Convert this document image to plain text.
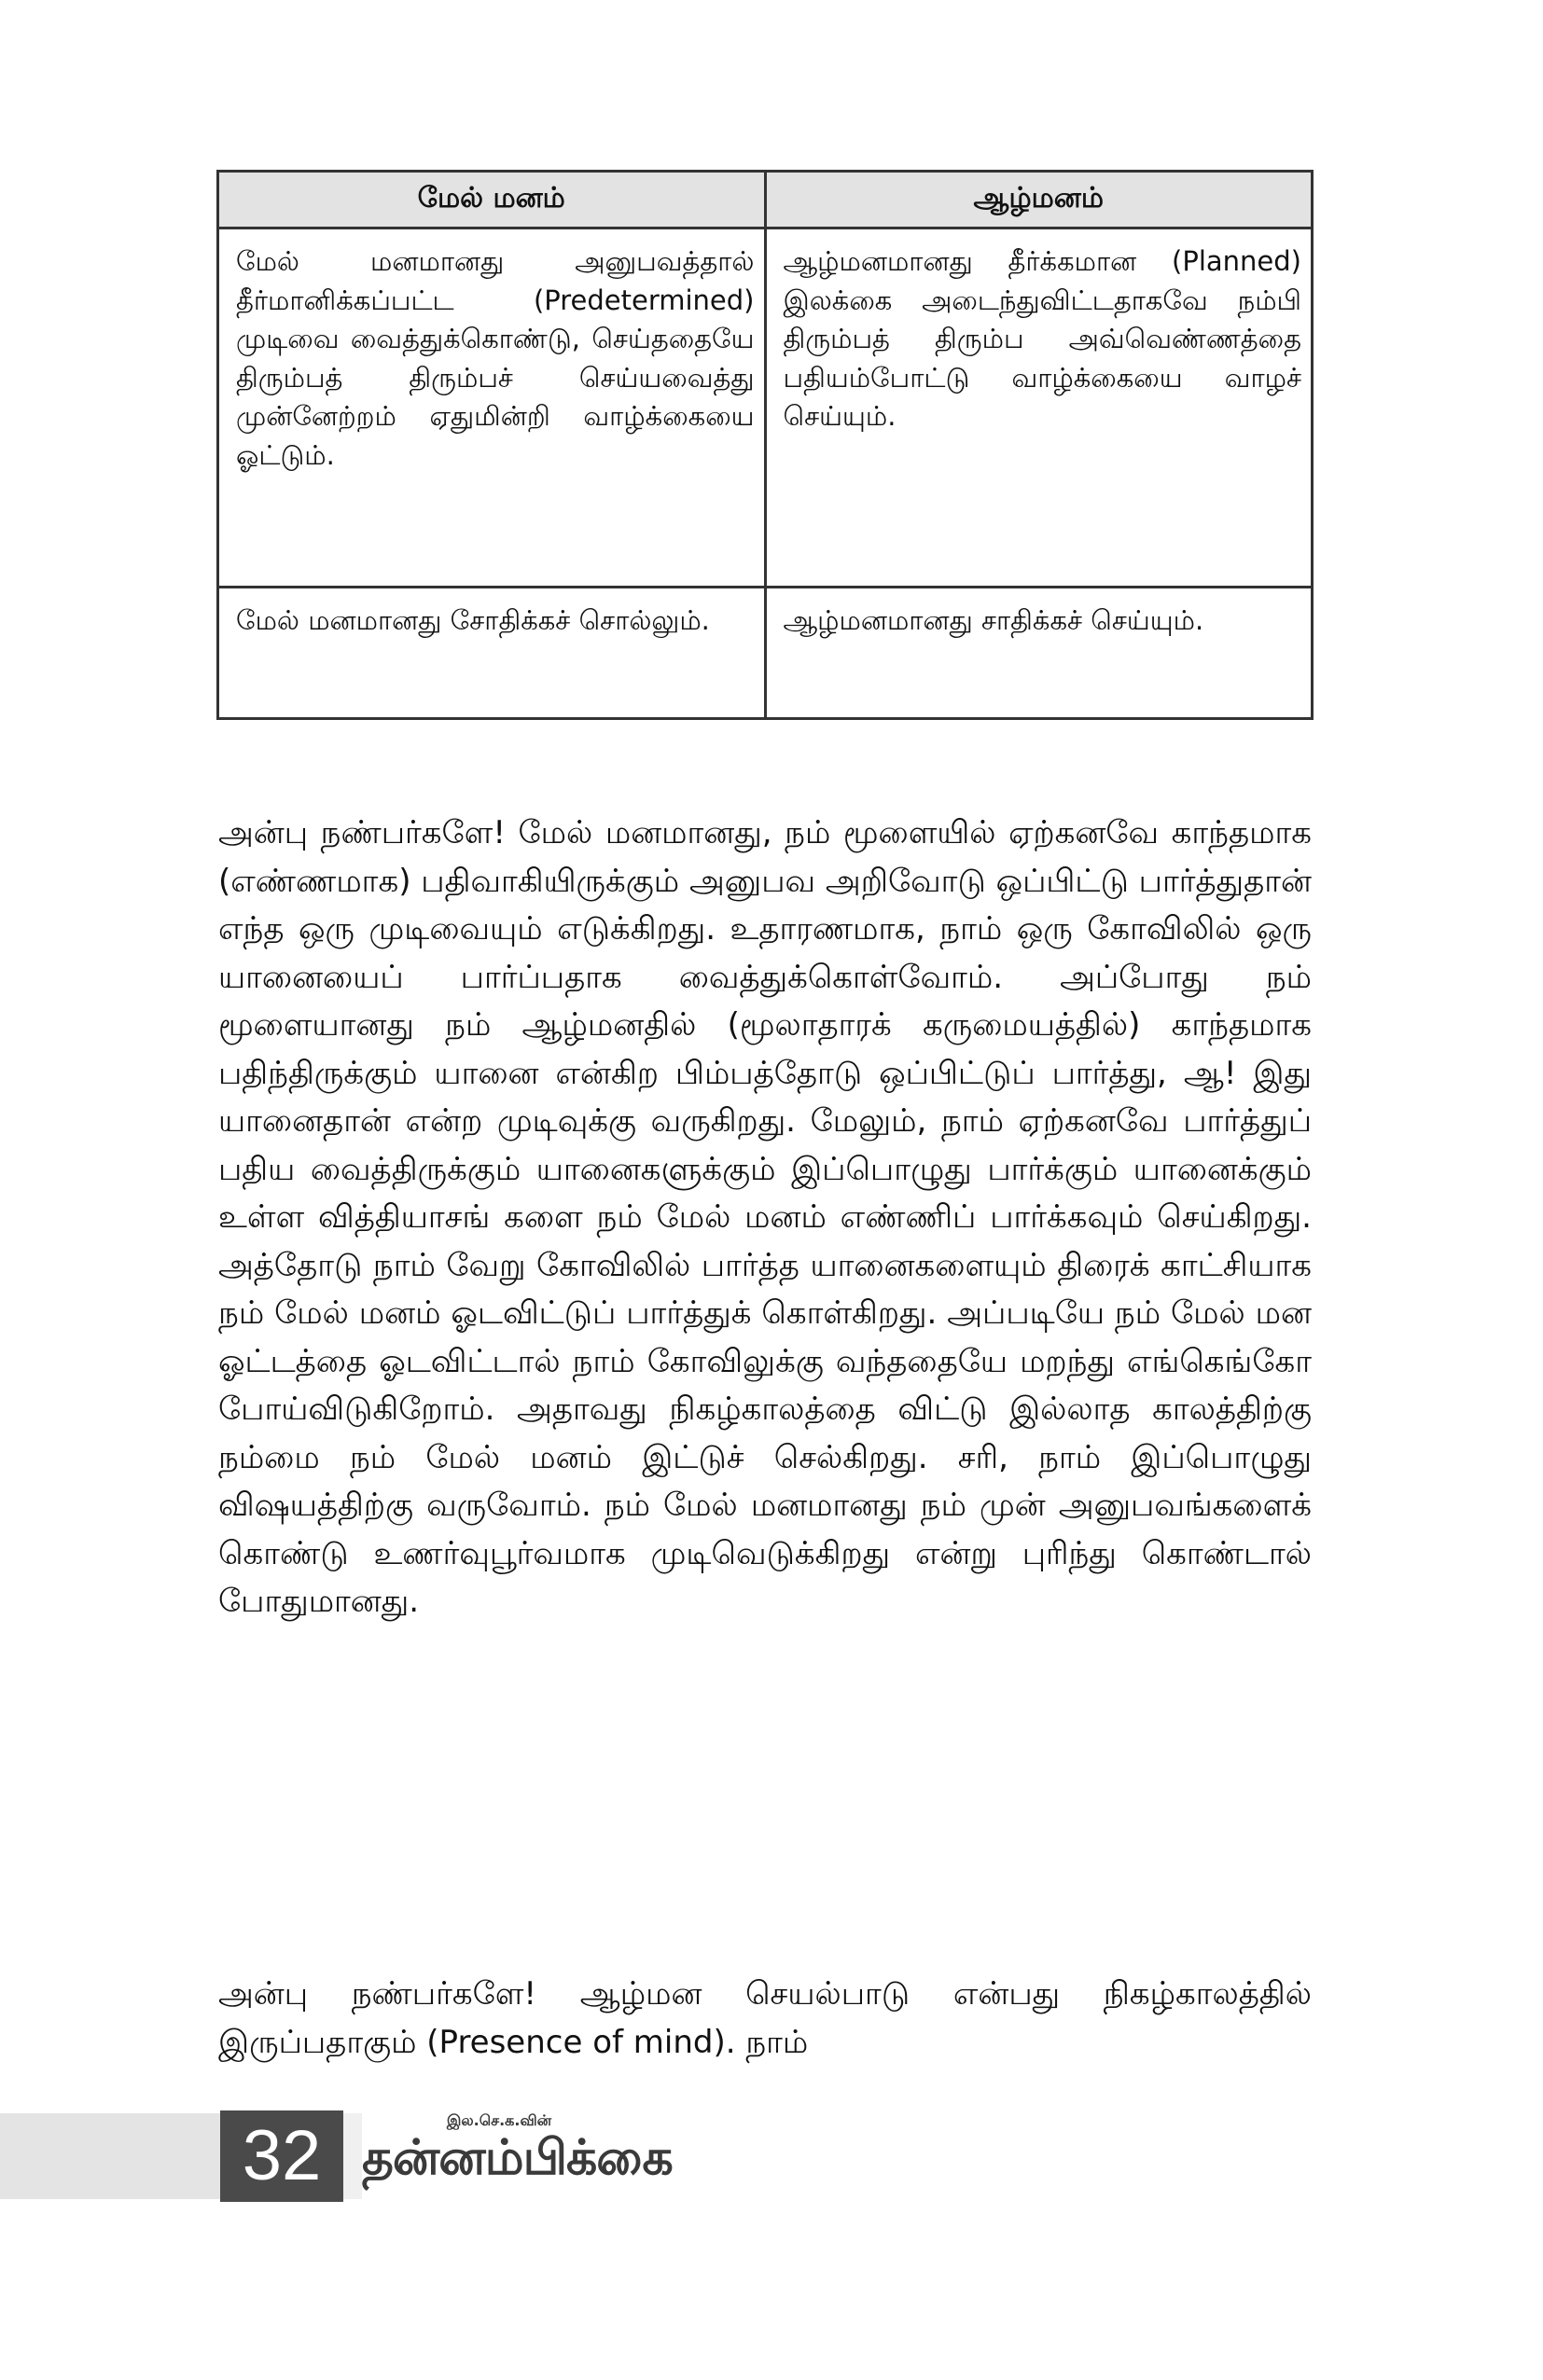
மேல் மனம்	ஆழ்மனம்
மேல் மனமானது அனுபவத்தால் தீர்மானிக்கப்பட்ட (Predetermined) முடிவை வைத்துக்கொண்டு, செய்ததையே திரும்பத் திரும்பச் செய்யவைத்து முன்னேற்றம் ஏதுமின்றி வாழ்க்கையை ஓட்டும்.	ஆழ்மனமானது தீர்க்கமான (Planned) இலக்கை அடைந்துவிட்டதாகவே நம்பி திரும்பத் திரும்ப அவ்வெண்ணத்தை பதியம்போட்டு வாழ்க்கையை வாழச் செய்யும்.
மேல் மனமானது சோதிக்கச் சொல்லும்.	ஆழ்மனமானது சாதிக்கச் செய்யும்.

அன்பு நண்பர்களே! மேல் மனமானது, நம் மூளையில் ஏற்கனவே காந்தமாக (எண்ணமாக) பதிவாகியிருக்கும் அனுபவ அறிவோடு ஒப்பிட்டு பார்த்துதான் எந்த ஒரு முடிவையும் எடுக்கிறது. உதாரணமாக, நாம் ஒரு கோவிலில் ஒரு யானையைப் பார்ப்பதாக வைத்துக்கொள்வோம். அப்போது நம் மூளையானது நம் ஆழ்மனதில் (மூலாதாரக் கருமையத்தில்) காந்தமாக பதிந்திருக்கும் யானை என்கிற பிம்பத்தோடு ஒப்பிட்டுப் பார்த்து, ஆ! இது யானைதான் என்ற முடிவுக்கு வருகிறது. மேலும், நாம் ஏற்கனவே பார்த்துப் பதிய வைத்திருக்கும் யானைகளுக்கும் இப்பொழுது பார்க்கும் யானைக்கும் உள்ள வித்தியாசங் களை நம் மேல் மனம் எண்ணிப் பார்க்கவும் செய்கிறது. அத்தோடு நாம் வேறு கோவிலில் பார்த்த யானைகளையும் திரைக் காட்சியாக நம் மேல் மனம் ஓடவிட்டுப் பார்த்துக் கொள்கிறது. அப்படியே நம் மேல் மன ஓட்டத்தை ஓடவிட்டால் நாம் கோவிலுக்கு வந்ததையே மறந்து எங்கெங்கோ போய்விடுகிறோம். அதாவது நிகழ்காலத்தை விட்டு இல்லாத காலத்திற்கு நம்மை நம் மேல் மனம் இட்டுச் செல்கிறது. சரி, நாம் இப்பொழுது விஷயத்திற்கு வருவோம். நம் மேல் மனமானது நம் முன் அனுபவங்களைக் கொண்டு உணர்வுபூர்வமாக முடிவெடுக்கிறது என்று புரிந்து கொண்டால் போதுமானது.

அன்பு நண்பர்களே! ஆழ்மன செயல்பாடு என்பது நிகழ்காலத்தில் இருப்பதாகும் (Presence of mind). நாம்

32	இல.செ.க.வின்
தன்னம்பிக்கை
